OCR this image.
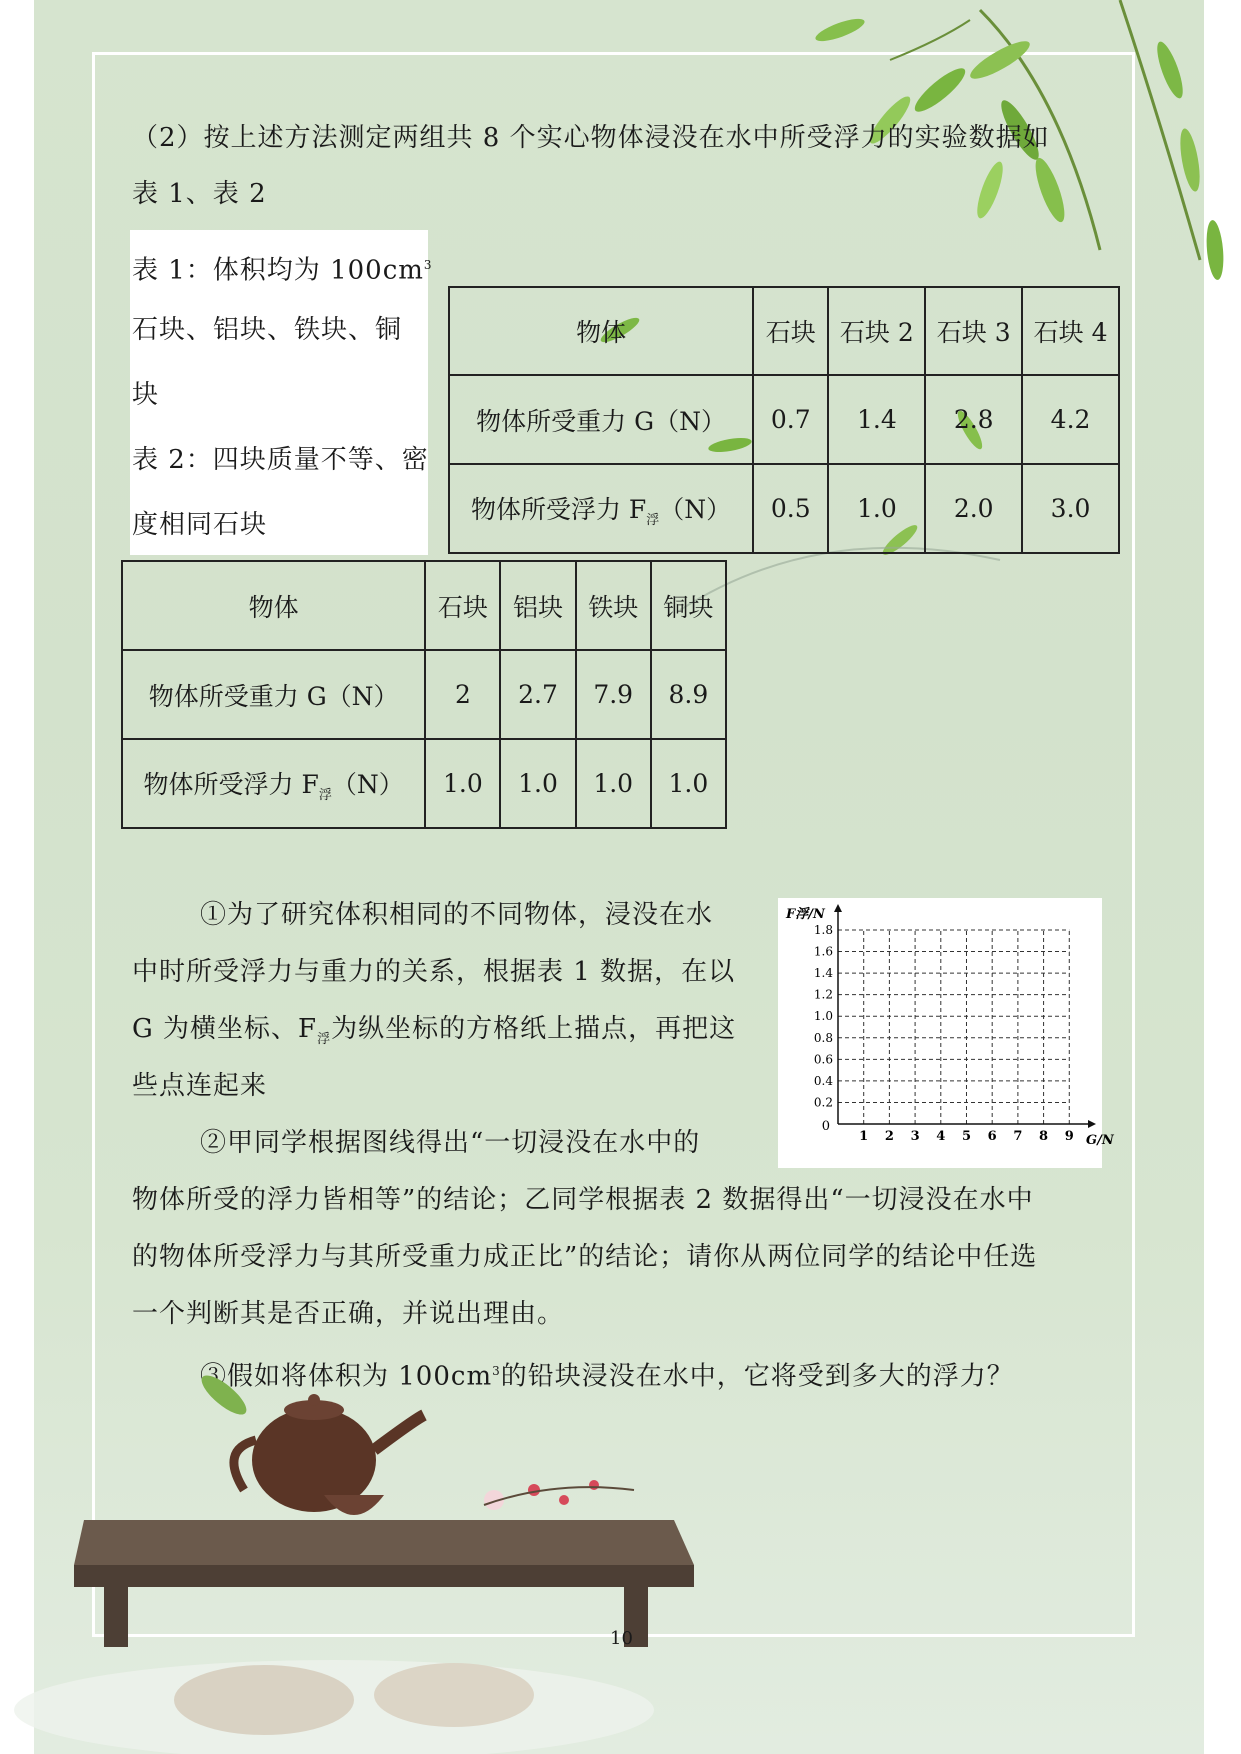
（2）按上述方法测定两组共 8 个实心物体浸没在水中所受浮力的实验数据如
表 1、表 2
表 1：体积均为 $100cm^3$
石块、铝块、铁块、铜
块
表 2：四块质量不等、密
度相同石块
物体	石块	石块 2	石块 3	石块 4
物体所受重力 G（N）	0.7	1.4	2.8	4.2
物体所受浮力 $F_浮(N)$	0.5	1.0	2.0	3.0
物体	石块	铝块	铁块	铜块
物体所受重力 G（N）	2	2.7	7.9	8.9
物体所受浮力 $F_浮(N)$	1.0	1.0	1.0	1.0
①为了研究体积相同的不同物体，浸没在水
中时所受浮力与重力的关系，根据表 1 数据，在以
G 为横坐标、$F_浮$为纵坐标的方格纸上描点，再把这
些点连起来
1 2 3 4 5 6 7 8 9
0.2
0.4
0.6
0.8
1.0
1.2
1.4
1.6
1.8
0
F浮/N
G/N
②甲同学根据图线得出“一切浸没在水中的
物体所受的浮力皆相等”的结论；乙同学根据表 2 数据得出“一切浸没在水中
的物体所受浮力与其所受重力成正比”的结论；请你从两位同学的结论中任选
一个判断其是否正确，并说出理由。
③假如将体积为 $100cm^3$的铅块浸没在水中，它将受到多大的浮力？
10
